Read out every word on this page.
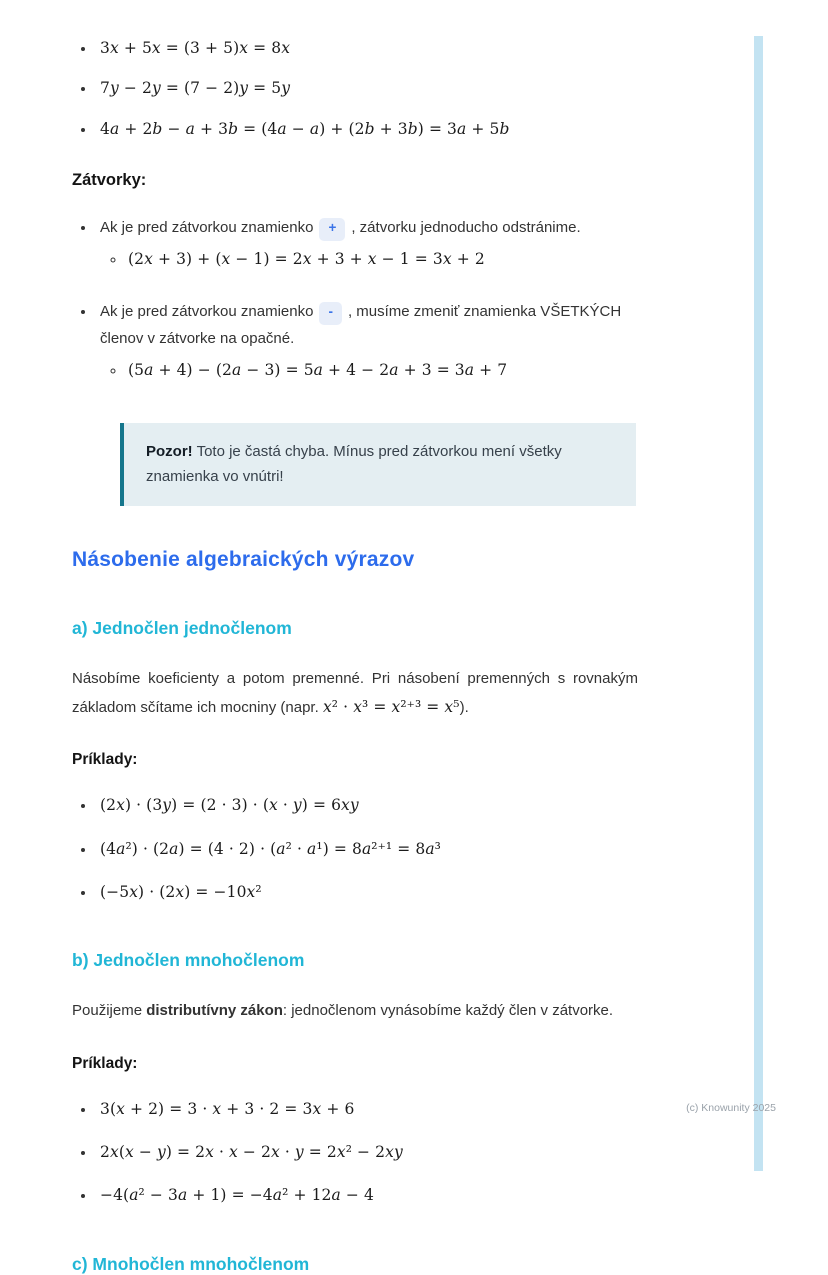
• 3x + 5x = (3 + 5)x = 8x
• 7y − 2y = (7 − 2)y = 5y
• 4a + 2b − a + 3b = (4a − a) + (2b + 3b) = 3a + 5b
Zátvorky:
• Ak je pred zátvorkou znamienko + , zátvorku jednoducho odstránime.
◦ (2x + 3) + (x − 1) = 2x + 3 + x − 1 = 3x + 2
• Ak je pred zátvorkou znamienko - , musíme zmeniť znamienka VŠETKÝCH členov v zátvorke na opačné.
◦ (5a + 4) − (2a − 3) = 5a + 4 − 2a + 3 = 3a + 7
Pozor! Toto je častá chyba. Mínus pred zátvorkou mení všetky znamienka vo vnútri!
Násobenie algebraických výrazov
a) Jednočlen jednočlenom

Násobíme koeficienty a potom premenné. Pri násobení premenných s rovnakým základom sčítame ich mocniny (napr. x² · x³ = x²⁺³ = x⁵).

Príklady:
• (2x) · (3y) = (2 · 3) · (x · y) = 6xy
• (4a²) · (2a) = (4 · 2) · (a² · a¹) = 8a²⁺¹ = 8a³
• (−5x) · (2x) = −10x²
b) Jednočlen mnohočlenom

Použijeme distributívny zákon: jednočlenom vynásobíme každý člen v zátvorke.

Príklady:
• 3(x + 2) = 3 · x + 3 · 2 = 3x + 6
• 2x(x − y) = 2x · x − 2x · y = 2x² − 2xy
• −4(a² − 3a + 1) = −4a² + 12a − 4
c) Mnohočlen mnohočlenom
(c) Knowunity 2025
